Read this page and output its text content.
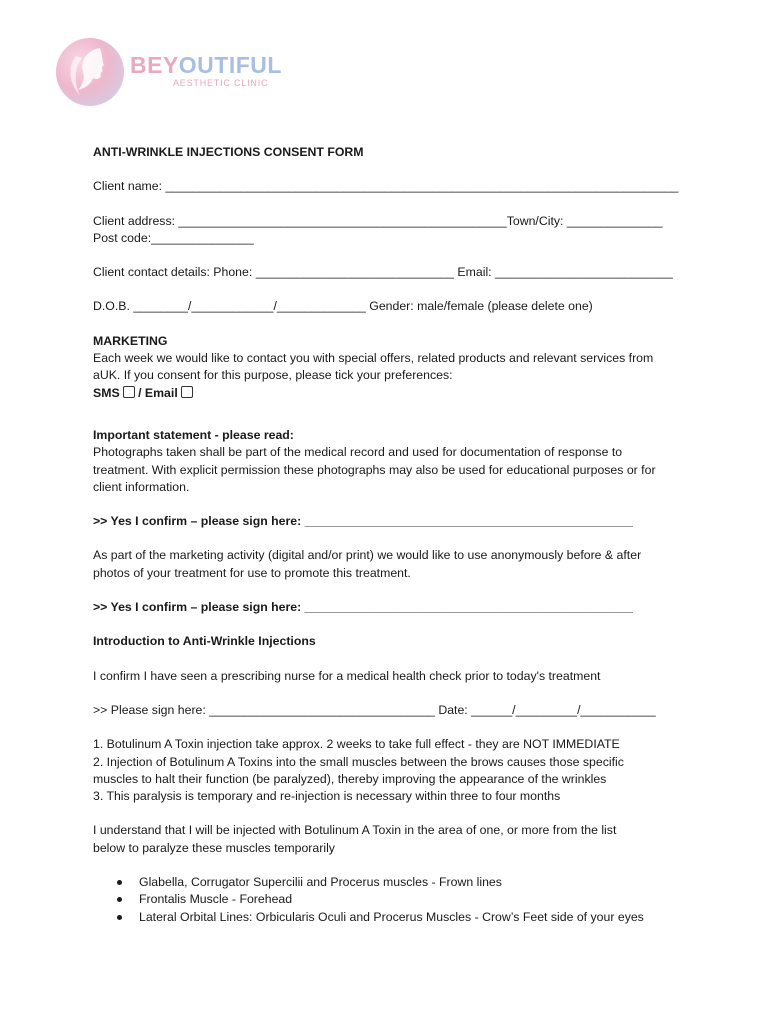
BEYOUTIFUL
AESTHETIC CLINIC

ANTI-WRINKLE INJECTIONS CONSENT FORM

Client name: ___________________________________________________________________________

Client address: ________________________________________________Town/City: ______________

Post code:_______________

Client contact details: Phone: _____________________________ Email: __________________________

D.O.B. ________/____________/_____________ Gender: male/female (please delete one)

MARKETING

Each week we would like to contact you with special offers, related products and relevant services from

aUK. If you consent for this purpose, please tick your preferences:

SMS / Email

Important statement - please read:

Photographs taken shall be part of the medical record and used for documentation of response to

treatment. With explicit permission these photographs may also be used for educational purposes or for

client information.

>> Yes I confirm – please sign here: ________________________________________________

As part of the marketing activity (digital and/or print) we would like to use anonymously before & after

photos of your treatment for use to promote this treatment.

>> Yes I confirm – please sign here: ________________________________________________

Introduction to Anti-Wrinkle Injections

I confirm I have seen a prescribing nurse for a medical health check prior to today's treatment

>> Please sign here: _________________________________ Date: ______/_________/___________

1. Botulinum A Toxin injection take approx. 2 weeks to take full effect - they are NOT IMMEDIATE

2. Injection of Botulinum A Toxins into the small muscles between the brows causes those specific

muscles to halt their function (be paralyzed), thereby improving the appearance of the wrinkles

3. This paralysis is temporary and re-injection is necessary within three to four months

I understand that I will be injected with Botulinum A Toxin in the area of one, or more from the list

below to paralyze these muscles temporarily

Glabella, Corrugator Supercilii and Procerus muscles - Frown lines
Frontalis Muscle - Forehead
Lateral Orbital Lines: Orbicularis Oculi and Procerus Muscles - Crow’s Feet side of your eyes
